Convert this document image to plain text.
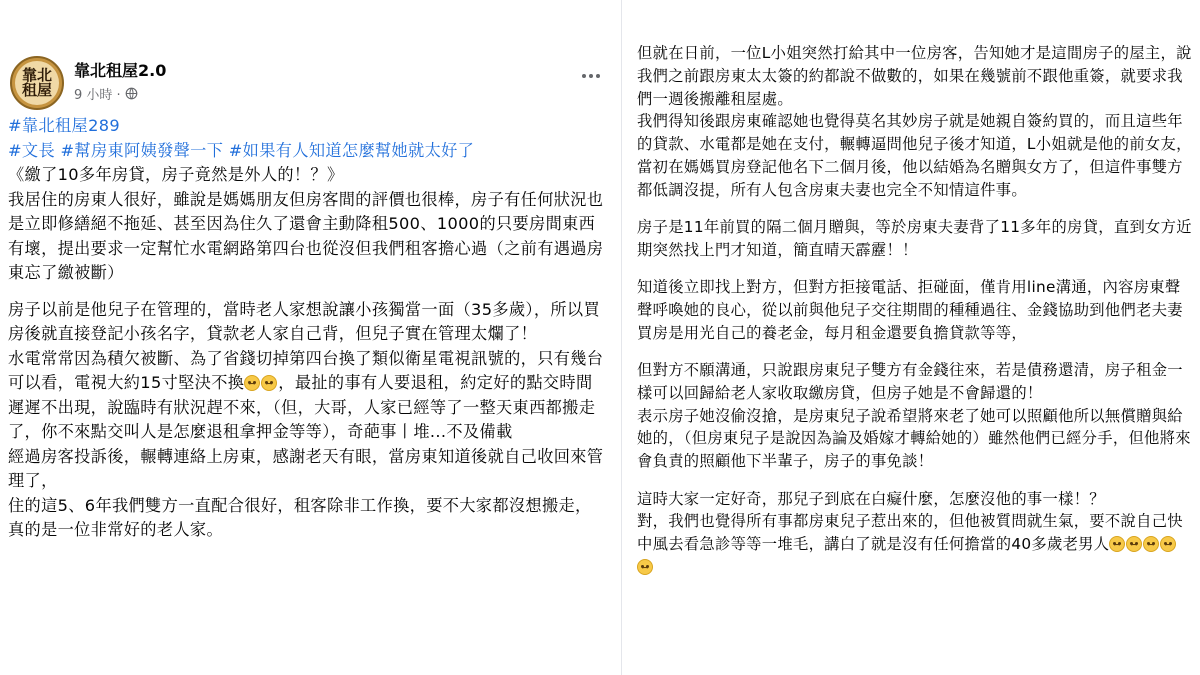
靠北
租屋
靠北租屋2.0
9 小時 ·
#靠北租屋289
#文長 #幫房東阿姨發聲一下 #如果有人知道怎麼幫她就太好了

《繳了10多年房貸，房子竟然是外人的！？》

我居住的房東人很好，雖說是媽媽朋友但房客間的評價也很棒，房子有任何狀況也是立即修繕絕不拖延、甚至因為住久了還會主動降租500、1000的只要房間東西有壞，提出要求一定幫忙水電網路第四台也從沒但我們租客擔心過（之前有遇過房東忘了繳被斷）

房子以前是他兒子在管理的，當時老人家想說讓小孩獨當一面（35多歲），所以買房後就直接登記小孩名字，貸款老人家自己背，但兒子實在管理太爛了！

水電常常因為積欠被斷、為了省錢切掉第四台換了類似衛星電視訊號的，只有幾台可以看，電視大約15寸堅決不換 ，最扯的事有人要退租，約定好的點交時間遲遲不出現，說臨時有狀況趕不來，（但，大哥，人家已經等了一整天東西都搬走了，你不來點交叫人是怎麼退租拿押金等等），奇葩事丨堆...不及備載

經過房客投訴後，輾轉連絡上房東，感謝老天有眼，當房東知道後就自己收回來管理了，

住的這5、6年我們雙方一直配合很好，租客除非工作換，要不大家都沒想搬走，真的是一位非常好的老人家。

但就在日前，一位L小姐突然打給其中一位房客，告知她才是這間房子的屋主，說我們之前跟房東太太簽的約都說不做數的，如果在幾號前不跟他重簽，就要求我們一週後搬離租屋處。

我們得知後跟房東確認她也覺得莫名其妙房子就是她親自簽約買的，而且這些年的貸款、水電都是她在支付，輾轉逼問他兒子後才知道，L小姐就是他的前女友，當初在媽媽買房登記他名下二個月後，他以結婚為名贈與女方了，但這件事雙方都低調沒提，所有人包含房東夫妻也完全不知情這件事。

房子是11年前買的隔二個月贈與，等於房東夫妻背了11多年的房貸，直到女方近期突然找上門才知道，簡直晴天霹靂！！

知道後立即找上對方，但對方拒接電話、拒碰面，僅肯用line溝通，內容房東聲聲呼喚她的良心，從以前與他兒子交往期間的種種過往、金錢協助到他們老夫妻買房是用光自己的養老金，每月租金還要負擔貸款等等，

但對方不願溝通，只說跟房東兒子雙方有金錢往來，若是債務還清，房子租金一樣可以回歸給老人家收取繳房貸，但房子她是不會歸還的！

表示房子她沒偷沒搶，是房東兒子說希望將來老了她可以照顧他所以無償贈與給她的，（但房東兒子是說因為論及婚嫁才轉給她的）雖然他們已經分手，但他將來會負責的照顧他下半輩子，房子的事免談！

這時大家一定好奇，那兒子到底在白癡什麼，怎麼沒他的事一樣！？

對，我們也覺得所有事都房東兒子惹出來的，但他被質問就生氣，要不說自己快中風去看急診等等一堆毛，講白了就是沒有任何擔當的40多歲老男人
